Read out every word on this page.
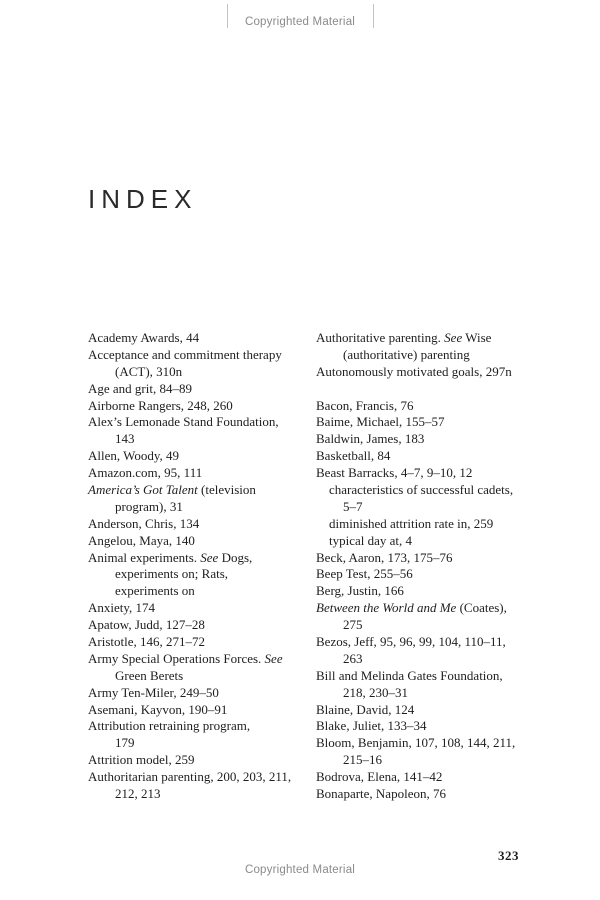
Copyrighted Material
INDEX
Academy Awards, 44
Acceptance and commitment therapy
(ACT), 310n
Age and grit, 84–89
Airborne Rangers, 248, 260
Alex’s Lemonade Stand Foundation,
143
Allen, Woody, 49
Amazon.com, 95, 111
America’s Got Talent (television
program), 31
Anderson, Chris, 134
Angelou, Maya, 140
Animal experiments. See Dogs,
experiments on; Rats,
experiments on
Anxiety, 174
Apatow, Judd, 127–28
Aristotle, 146, 271–72
Army Special Operations Forces. See
Green Berets
Army Ten-Miler, 249–50
Asemani, Kayvon, 190–91
Attribution retraining program,
179
Attrition model, 259
Authoritarian parenting, 200, 203, 211,
212, 213
Authoritative parenting. See Wise
(authoritative) parenting
Autonomously motivated goals, 297n

Bacon, Francis, 76
Baime, Michael, 155–57
Baldwin, James, 183
Basketball, 84
Beast Barracks, 4–7, 9–10, 12
characteristics of successful cadets,
5–7
diminished attrition rate in, 259
typical day at, 4
Beck, Aaron, 173, 175–76
Beep Test, 255–56
Berg, Justin, 166
Between the World and Me (Coates),
275
Bezos, Jeff, 95, 96, 99, 104, 110–11,
263
Bill and Melinda Gates Foundation,
218, 230–31
Blaine, David, 124
Blake, Juliet, 133–34
Bloom, Benjamin, 107, 108, 144, 211,
215–16
Bodrova, Elena, 141–42
Bonaparte, Napoleon, 76
323
Copyrighted Material
